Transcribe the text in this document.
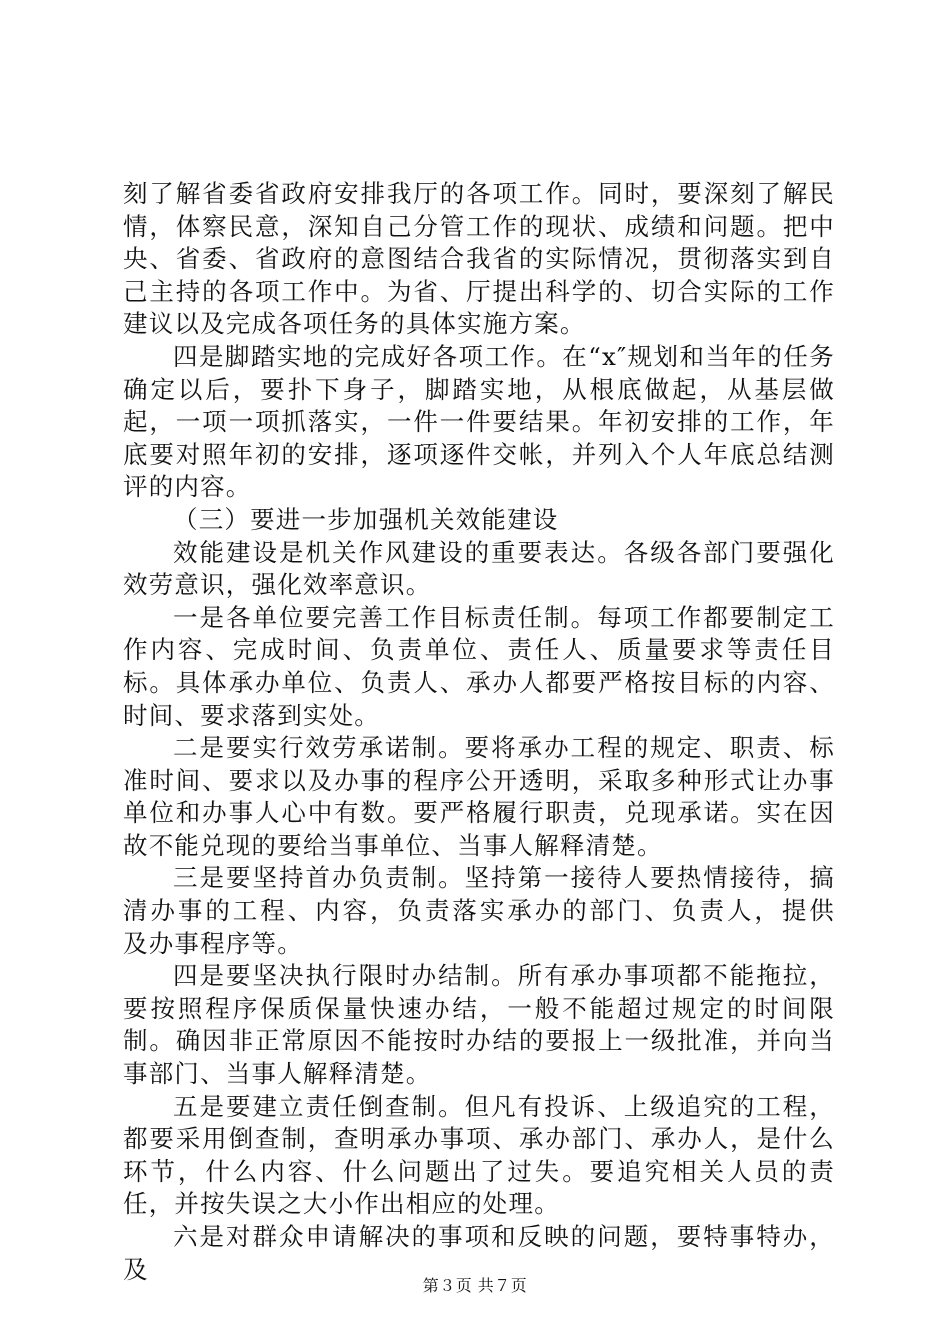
刻了解省委省政府安排我厅的各项工作。同时，要深刻了解民情，体察民意，深知自己分管工作的现状、成绩和问题。把中央、省委、省政府的意图结合我省的实际情况，贯彻落实到自己主持的各项工作中。为省、厅提出科学的、切合实际的工作建议以及完成各项任务的具体实施方案。

四是脚踏实地的完成好各项工作。在“x″规划和当年的任务确定以后，要扑下身子，脚踏实地，从根底做起，从基层做起，一项一项抓落实，一件一件要结果。年初安排的工作，年底要对照年初的安排，逐项逐件交帐，并列入个人年底总结测评的内容。

（三）要进一步加强机关效能建设

效能建设是机关作风建设的重要表达。各级各部门要强化效劳意识，强化效率意识。

一是各单位要完善工作目标责任制。每项工作都要制定工作内容、完成时间、负责单位、责任人、质量要求等责任目标。具体承办单位、负责人、承办人都要严格按目标的内容、时间、要求落到实处。

二是要实行效劳承诺制。要将承办工程的规定、职责、标准时间、要求以及办事的程序公开透明，采取多种形式让办事单位和办事人心中有数。要严格履行职责，兑现承诺。实在因故不能兑现的要给当事单位、当事人解释清楚。

三是要坚持首办负责制。坚持第一接待人要热情接待，搞清办事的工程、内容，负责落实承办的部门、负责人，提供　 及办事程序等。

四是要坚决执行限时办结制。所有承办事项都不能拖拉，要按照程序保质保量快速办结，一般不能超过规定的时间限制。确因非正常原因不能按时办结的要报上一级批准，并向当事部门、当事人解释清楚。

五是要建立责任倒查制。但凡有投诉、上级追究的工程，都要采用倒查制，查明承办事项、承办部门、承办人，是什么环节，什么内容、什么问题出了过失。要追究相关人员的责任，并按失误之大小作出相应的处理。

六是对群众申请解决的事项和反映的问题，要特事特办，及

第３页 共７页
